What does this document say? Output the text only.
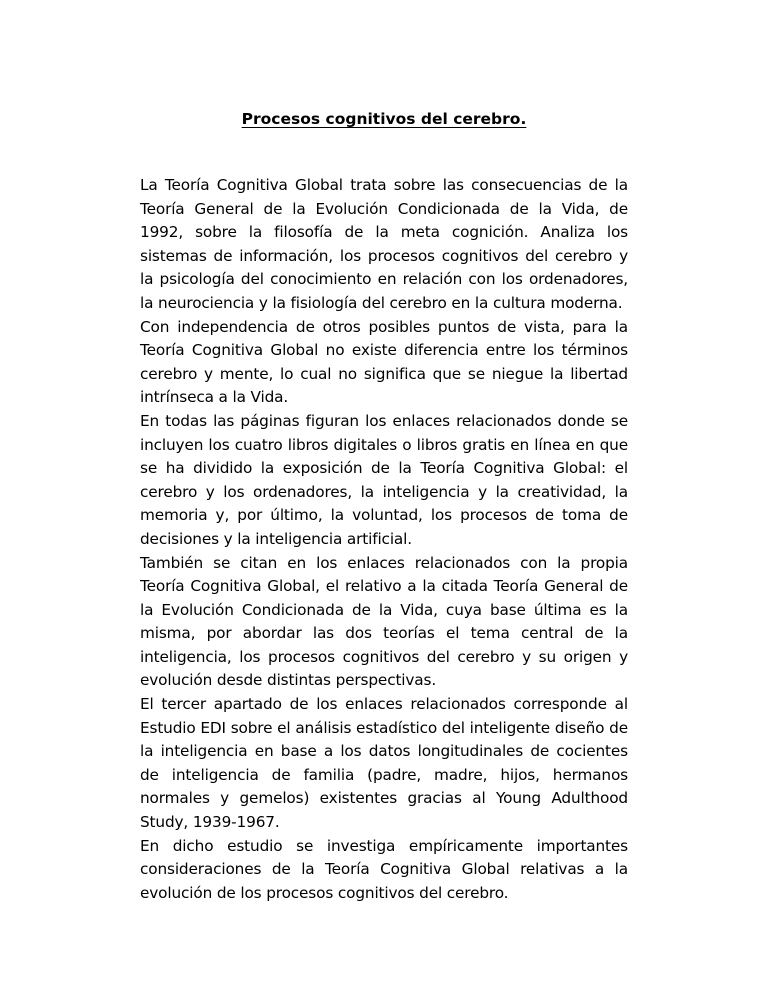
Procesos cognitivos del cerebro.

La Teoría Cognitiva Global trata sobre las consecuencias de la Teoría General de la Evolución Condicionada de la Vida, de 1992, sobre la filosofía de la meta cognición. Analiza los sistemas de información, los procesos cognitivos del cerebro y la psicología del conocimiento en relación con los ordenadores, la neurociencia y la fisiología del cerebro en la cultura moderna.

Con independencia de otros posibles puntos de vista, para la Teoría Cognitiva Global no existe diferencia entre los términos cerebro y mente, lo cual no significa que se niegue la libertad intrínseca a la Vida.

En todas las páginas figuran los enlaces relacionados donde se incluyen los cuatro libros digitales o libros gratis en línea en que se ha dividido la exposición de la Teoría Cognitiva Global: el cerebro y los ordenadores, la inteligencia y la creatividad, la memoria y, por último, la voluntad, los procesos de toma de decisiones y la inteligencia artificial.

También se citan en los enlaces relacionados con la propia Teoría Cognitiva Global, el relativo a la citada Teoría General de la Evolución Condicionada de la Vida, cuya base última es la misma, por abordar las dos teorías el tema central de la inteligencia, los procesos cognitivos del cerebro y su origen y evolución desde distintas perspectivas.

El tercer apartado de los enlaces relacionados corresponde al Estudio EDI sobre el análisis estadístico del inteligente diseño de la inteligencia en base a los datos longitudinales de cocientes de inteligencia de familia (padre, madre, hijos, hermanos normales y gemelos) existentes gracias al Young Adulthood Study, 1939-1967.

En dicho estudio se investiga empíricamente importantes consideraciones de la Teoría Cognitiva Global relativas a la evolución de los procesos cognitivos del cerebro.
